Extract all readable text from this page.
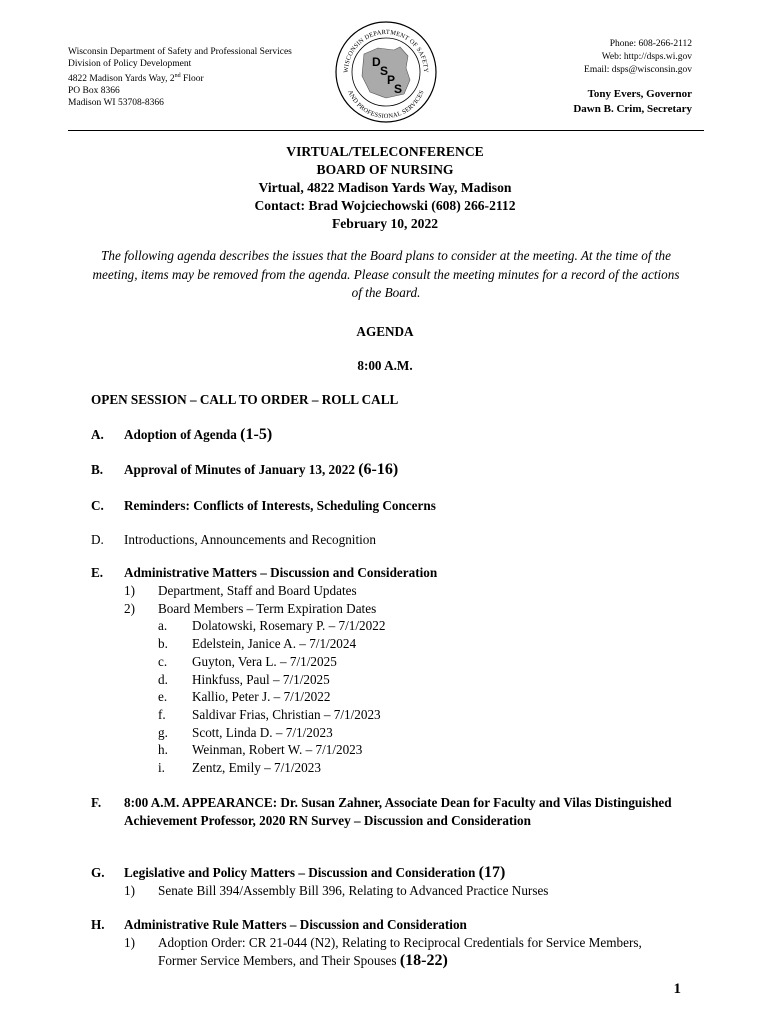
Wisconsin Department of Safety and Professional Services
Division of Policy Development
4822 Madison Yards Way, 2nd Floor
PO Box 8366
Madison WI 53708-8366
WISCONSIN DEPARTMENT OF SAFETY
AND PROFESSIONAL SERVICES
D
S
P
S
Phone: 608-266-2112
Web: http://dsps.wi.gov
Email: dsps@wisconsin.gov
Tony Evers, Governor
Dawn B. Crim, Secretary
VIRTUAL/TELECONFERENCE
BOARD OF NURSING
Virtual, 4822 Madison Yards Way, Madison
Contact: Brad Wojciechowski (608) 266-2112
February 10, 2022
The following agenda describes the issues that the Board plans to consider at the meeting. At the time of the meeting, items may be removed from the agenda. Please consult the meeting minutes for a record of the actions of the Board.
AGENDA
8:00 A.M.
OPEN SESSION – CALL TO ORDER – ROLL CALL
A. Adoption of Agenda (1-5)
B. Approval of Minutes of January 13, 2022 (6-16)
C. Reminders: Conflicts of Interests, Scheduling Concerns
D. Introductions, Announcements and Recognition
E. Administrative Matters – Discussion and Consideration
1) Department, Staff and Board Updates
2) Board Members – Term Expiration Dates
a. Dolatowski, Rosemary P. – 7/1/2022
b. Edelstein, Janice A. – 7/1/2024
c. Guyton, Vera L. – 7/1/2025
d. Hinkfuss, Paul – 7/1/2025
e. Kallio, Peter J. – 7/1/2022
f. Saldivar Frias, Christian – 7/1/2023
g. Scott, Linda D. – 7/1/2023
h. Weinman, Robert W. – 7/1/2023
i. Zentz, Emily – 7/1/2023
F. 8:00 A.M. APPEARANCE: Dr. Susan Zahner, Associate Dean for Faculty and Vilas Distinguished Achievement Professor, 2020 RN Survey – Discussion and Consideration
G. Legislative and Policy Matters – Discussion and Consideration (17)
1) Senate Bill 394/Assembly Bill 396, Relating to Advanced Practice Nurses
H. Administrative Rule Matters – Discussion and Consideration
1) Adoption Order: CR 21-044 (N2), Relating to Reciprocal Credentials for Service Members, Former Service Members, and Their Spouses (18-22)
1
